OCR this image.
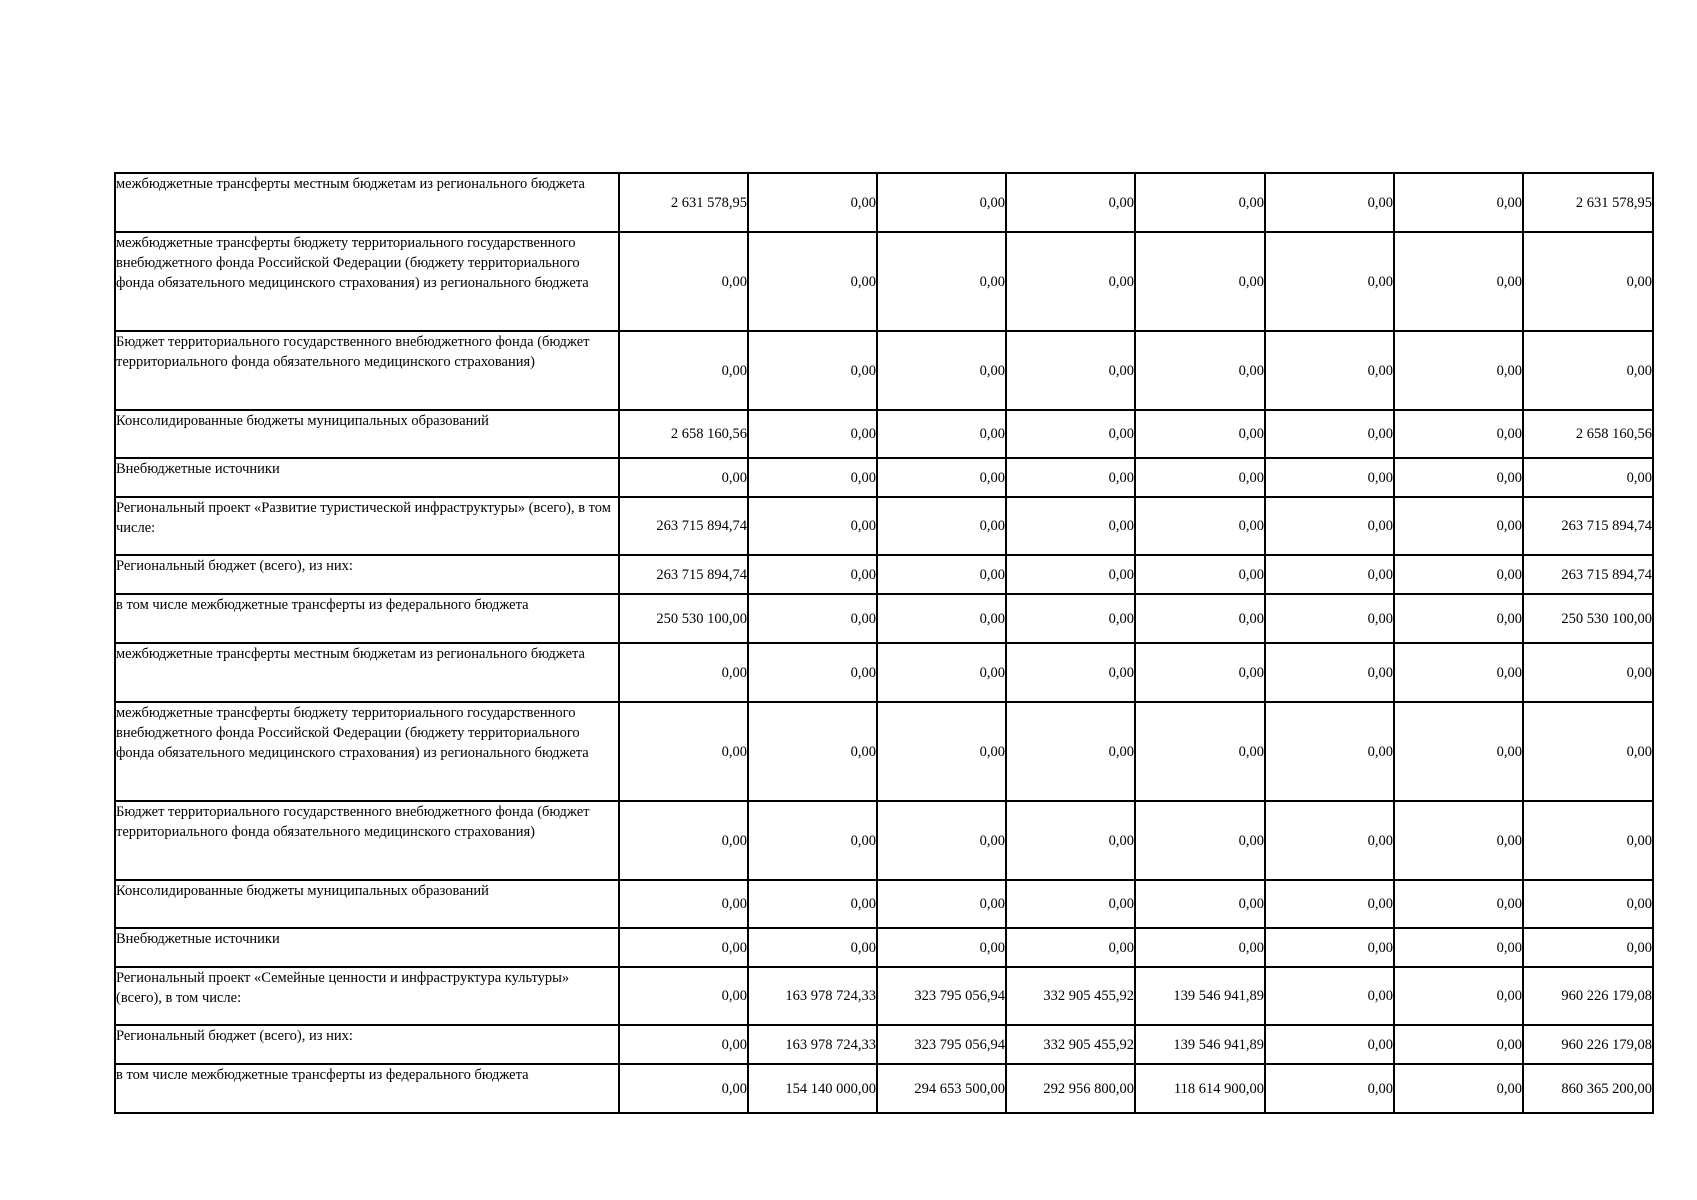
межбюджетные трансферты местным бюджетам из регионального бюджета	2 631 578,95	0,00	0,00	0,00	0,00	0,00	0,00	2 631 578,95
межбюджетные трансферты бюджету территориального государственного внебюджетного фонда Российской Федерации (бюджету территориального фонда обязательного медицинского страхования) из регионального бюджета	0,00	0,00	0,00	0,00	0,00	0,00	0,00	0,00
Бюджет территориального государственного внебюджетного фонда (бюджет территориального фонда обязательного медицинского страхования)	0,00	0,00	0,00	0,00	0,00	0,00	0,00	0,00
Консолидированные бюджеты муниципальных образований	2 658 160,56	0,00	0,00	0,00	0,00	0,00	0,00	2 658 160,56
Внебюджетные источники	0,00	0,00	0,00	0,00	0,00	0,00	0,00	0,00
Региональный проект «Развитие туристической инфраструктуры» (всего), в том числе:	263 715 894,74	0,00	0,00	0,00	0,00	0,00	0,00	263 715 894,74
Региональный бюджет (всего), из них:	263 715 894,74	0,00	0,00	0,00	0,00	0,00	0,00	263 715 894,74
в том числе межбюджетные трансферты из федерального бюджета	250 530 100,00	0,00	0,00	0,00	0,00	0,00	0,00	250 530 100,00
межбюджетные трансферты местным бюджетам из регионального бюджета	0,00	0,00	0,00	0,00	0,00	0,00	0,00	0,00
межбюджетные трансферты бюджету территориального государственного внебюджетного фонда Российской Федерации (бюджету территориального фонда обязательного медицинского страхования) из регионального бюджета	0,00	0,00	0,00	0,00	0,00	0,00	0,00	0,00
Бюджет территориального государственного внебюджетного фонда (бюджет территориального фонда обязательного медицинского страхования)	0,00	0,00	0,00	0,00	0,00	0,00	0,00	0,00
Консолидированные бюджеты муниципальных образований	0,00	0,00	0,00	0,00	0,00	0,00	0,00	0,00
Внебюджетные источники	0,00	0,00	0,00	0,00	0,00	0,00	0,00	0,00
Региональный проект «Семейные ценности и инфраструктура культуры» (всего), в том числе:	0,00	163 978 724,33	323 795 056,94	332 905 455,92	139 546 941,89	0,00	0,00	960 226 179,08
Региональный бюджет (всего), из них:	0,00	163 978 724,33	323 795 056,94	332 905 455,92	139 546 941,89	0,00	0,00	960 226 179,08
в том числе межбюджетные трансферты из федерального бюджета	0,00	154 140 000,00	294 653 500,00	292 956 800,00	118 614 900,00	0,00	0,00	860 365 200,00
